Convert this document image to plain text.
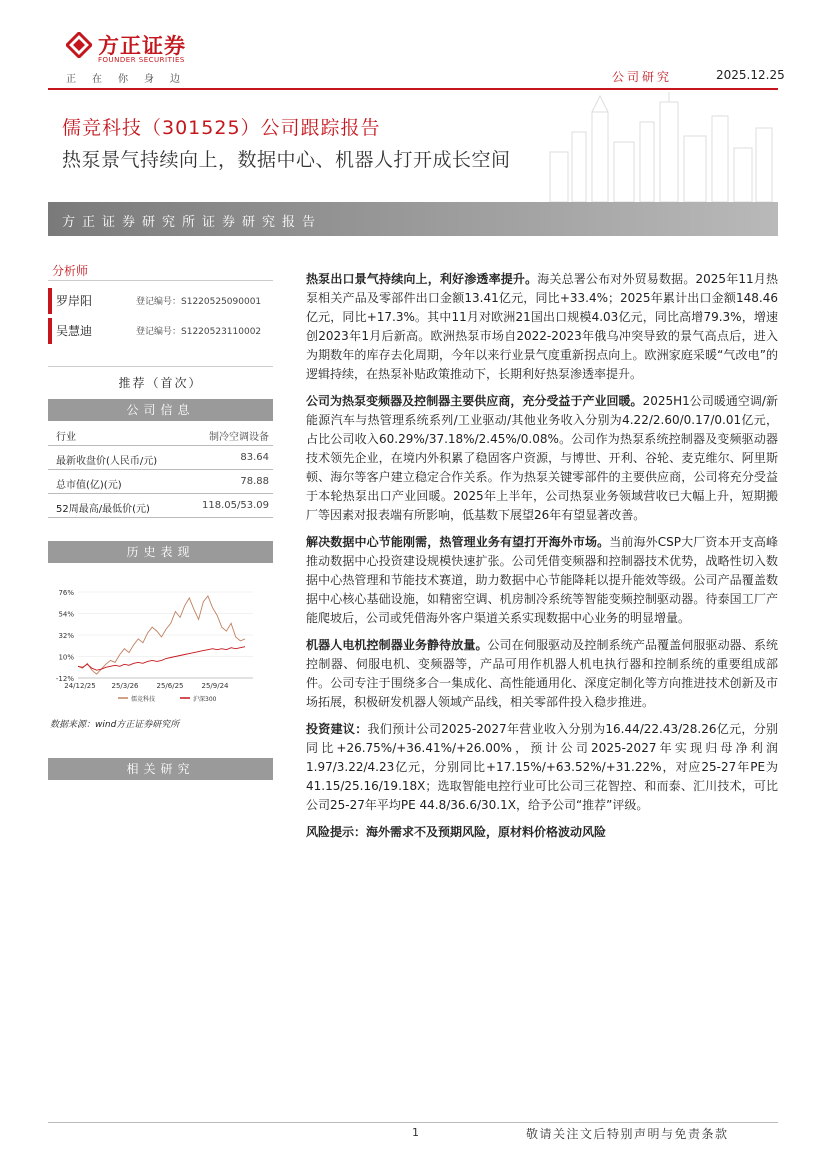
方正证券
FOUNDER SECURITIES
正在你身边	公司研究	2025.12.25
儒竞科技（301525）公司跟踪报告
热泵景气持续向上，数据中心、机器人打开成长空间
方正证券研究所证券研究报告
分析师
罗岸阳	登记编号：S1220525090001
吴慧迪	登记编号：S1220523110002
推荐（首次）
公司信息
行业	制冷空调设备
最新收盘价(人民币/元)	83.64
总市值(亿)(元)	78.88
52周最高/最低价(元)	118.05/53.09
历史表现
76%
54%
32%
10%
-12%
24/12/25 25/3/26	25/6/25	25/9/24
儒竞科技	沪深300
数据来源：wind方正证券研究所
相关研究

热泵出口景气持续向上，利好渗透率提升。海关总署公布对外贸易数据。2025年11月热泵相关产品及零部件出口金额13.41亿元，同比+33.4%；2025年累计出口金额148.46亿元，同比+17.3%。其中11月对欧洲21国出口规模4.03亿元，同比高增79.3%，增速创2023年1月后新高。欧洲热泵市场自2022-2023年俄乌冲突导致的景气高点后，进入为期数年的库存去化周期，今年以来行业景气度重新拐点向上。欧洲家庭采暖“气改电”的逻辑持续，在热泵补贴政策推动下，长期利好热泵渗透率提升。

公司为热泵变频器及控制器主要供应商，充分受益于产业回暖。2025H1公司暖通空调/新能源汽车与热管理系统系列/工业驱动/其他业务收入分别为4.22/2.60/0.17/0.01亿元，占比公司收入60.29%/37.18%/2.45%/0.08%。公司作为热泵系统控制器及变频驱动器技术领先企业，在境内外积累了稳固客户资源，与博世、开利、谷轮、麦克维尔、阿里斯顿、海尔等客户建立稳定合作关系。作为热泵关键零部件的主要供应商，公司将充分受益于本轮热泵出口产业回暖。2025年上半年，公司热泵业务领域营收已大幅上升，短期搬厂等因素对报表端有所影响，低基数下展望26年有望显著改善。

解决数据中心节能刚需，热管理业务有望打开海外市场。当前海外CSP大厂资本开支高峰推动数据中心投资建设规模快速扩张。公司凭借变频器和控制器技术优势，战略性切入数据中心热管理和节能技术赛道，助力数据中心节能降耗以提升能效等级。公司产品覆盖数据中心核心基础设施，如精密空调、机房制冷系统等智能变频控制驱动器。待泰国工厂产能爬坡后，公司或凭借海外客户渠道关系实现数据中心业务的明显增量。

机器人电机控制器业务静待放量。公司在伺服驱动及控制系统产品覆盖伺服驱动器、系统控制器、伺服电机、变频器等，产品可用作机器人机电执行器和控制系统的重要组成部件。公司专注于围绕多合一集成化、高性能通用化、深度定制化等方向推进技术创新及市场拓展，积极研发机器人领域产品线，相关零部件投入稳步推进。

投资建议：我们预计公司2025-2027年营业收入分别为16.44/22.43/28.26亿元，分别同比+26.75%/+36.41%/+26.00%，预计公司2025-2027年实现归母净利润1.97/3.22/4.23亿元，分别同比+17.15%/+63.52%/+31.22%，对应25-27年PE为41.15/25.16/19.18X；选取智能电控行业可比公司三花智控、和而泰、汇川技术，可比公司25-27年平均PE 44.8/36.6/30.1X，给予公司“推荐”评级。

风险提示：海外需求不及预期风险，原材料价格波动风险

1	敬请关注文后特别声明与免责条款
